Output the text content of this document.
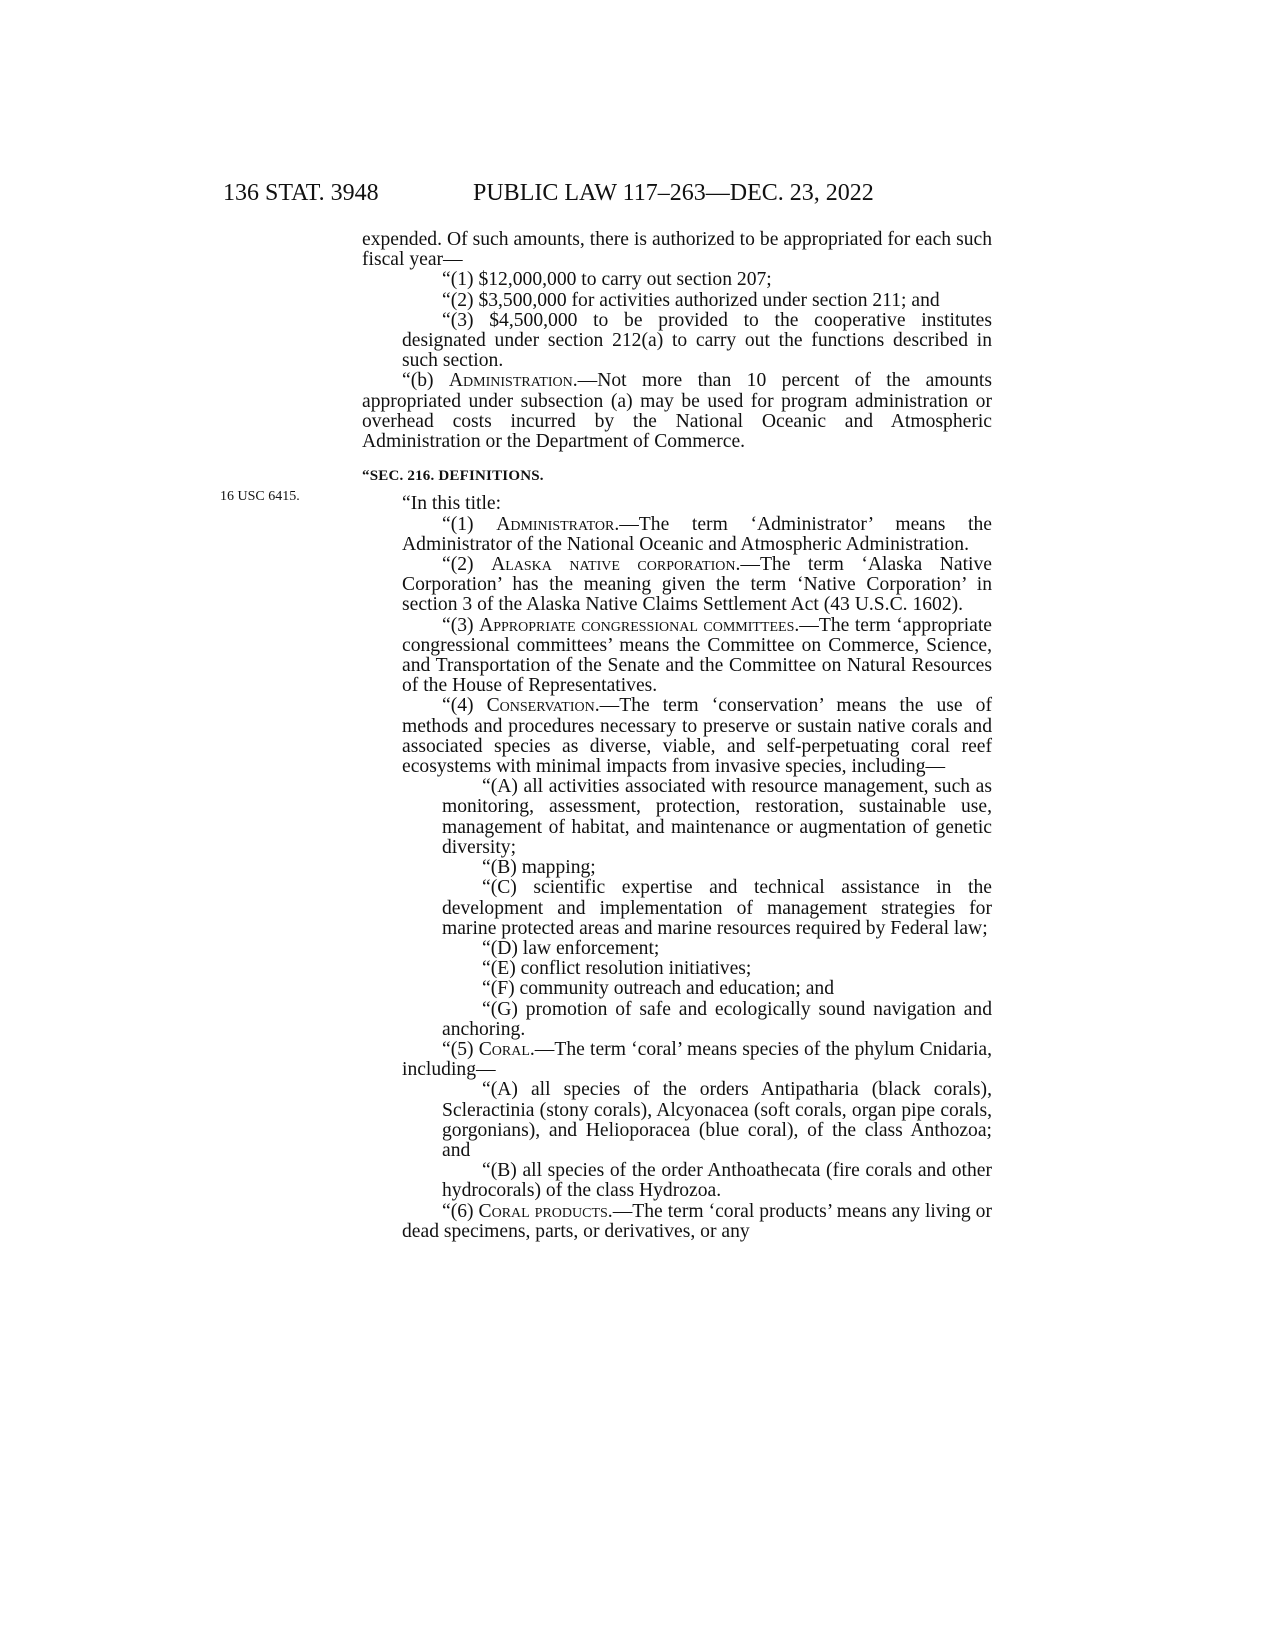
136 STAT. 3948	PUBLIC LAW 117–263—DEC. 23, 2022
16 USC 6415.

expended. Of such amounts, there is authorized to be appropriated for each such fiscal year—

“(1) $12,000,000 to carry out section 207;

“(2) $3,500,000 for activities authorized under section 211; and

“(3) $4,500,000 to be provided to the cooperative institutes designated under section 212(a) to carry out the functions described in such section.

“(b) Administration.—Not more than 10 percent of the amounts appropriated under subsection (a) may be used for program administration or overhead costs incurred by the National Oceanic and Atmospheric Administration or the Department of Commerce.

“SEC. 216. DEFINITIONS.

“In this title:

“(1) Administrator.—The term ‘Administrator’ means the Administrator of the National Oceanic and Atmospheric Administration.

“(2) Alaska native corporation.—The term ‘Alaska Native Corporation’ has the meaning given the term ‘Native Corporation’ in section 3 of the Alaska Native Claims Settlement Act (43 U.S.C. 1602).

“(3) Appropriate congressional committees.—The term ‘appropriate congressional committees’ means the Committee on Commerce, Science, and Transportation of the Senate and the Committee on Natural Resources of the House of Representatives.

“(4) Conservation.—The term ‘conservation’ means the use of methods and procedures necessary to preserve or sustain native corals and associated species as diverse, viable, and self-perpetuating coral reef ecosystems with minimal impacts from invasive species, including—

“(A) all activities associated with resource management, such as monitoring, assessment, protection, restoration, sustainable use, management of habitat, and maintenance or augmentation of genetic diversity;

“(B) mapping;

“(C) scientific expertise and technical assistance in the development and implementation of management strategies for marine protected areas and marine resources required by Federal law;

“(D) law enforcement;

“(E) conflict resolution initiatives;

“(F) community outreach and education; and

“(G) promotion of safe and ecologically sound navigation and anchoring.

“(5) Coral.—The term ‘coral’ means species of the phylum Cnidaria, including—

“(A) all species of the orders Antipatharia (black corals), Scleractinia (stony corals), Alcyonacea (soft corals, organ pipe corals, gorgonians), and Helioporacea (blue coral), of the class Anthozoa; and

“(B) all species of the order Anthoathecata (fire corals and other hydrocorals) of the class Hydrozoa.

“(6) Coral products.—The term ‘coral products’ means any living or dead specimens, parts, or derivatives, or any
